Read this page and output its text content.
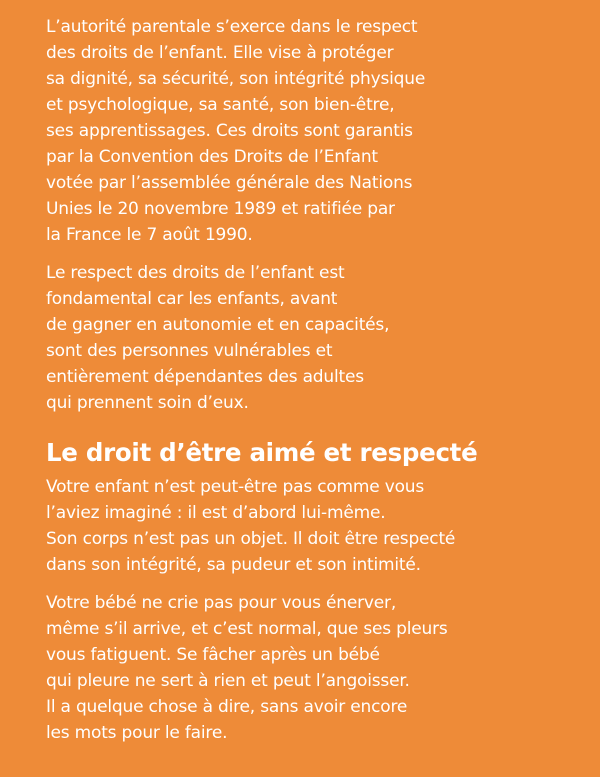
L’autorité parentale s’exerce dans le respect
des droits de l’enfant. Elle vise à protéger
sa dignité, sa sécurité, son intégrité physique
et psychologique, sa santé, son bien-être,
ses apprentissages. Ces droits sont garantis
par la Convention des Droits de l’Enfant
votée par l’assemblée générale des Nations
Unies le 20 novembre 1989 et ratifiée par
la France le 7 août 1990.

Le respect des droits de l’enfant est
fondamental car les enfants, avant
de gagner en autonomie et en capacités,
sont des personnes vulnérables et
entièrement dépendantes des adultes
qui prennent soin d’eux.

Le droit d’être aimé et respecté

Votre enfant n’est peut-être pas comme vous
l’aviez imaginé : il est d’abord lui-même.
Son corps n’est pas un objet. Il doit être respecté
dans son intégrité, sa pudeur et son intimité.

Votre bébé ne crie pas pour vous énerver,
même s’il arrive, et c’est normal, que ses pleurs
vous fatiguent. Se fâcher après un bébé
qui pleure ne sert à rien et peut l’angoisser.
Il a quelque chose à dire, sans avoir encore
les mots pour le faire.
